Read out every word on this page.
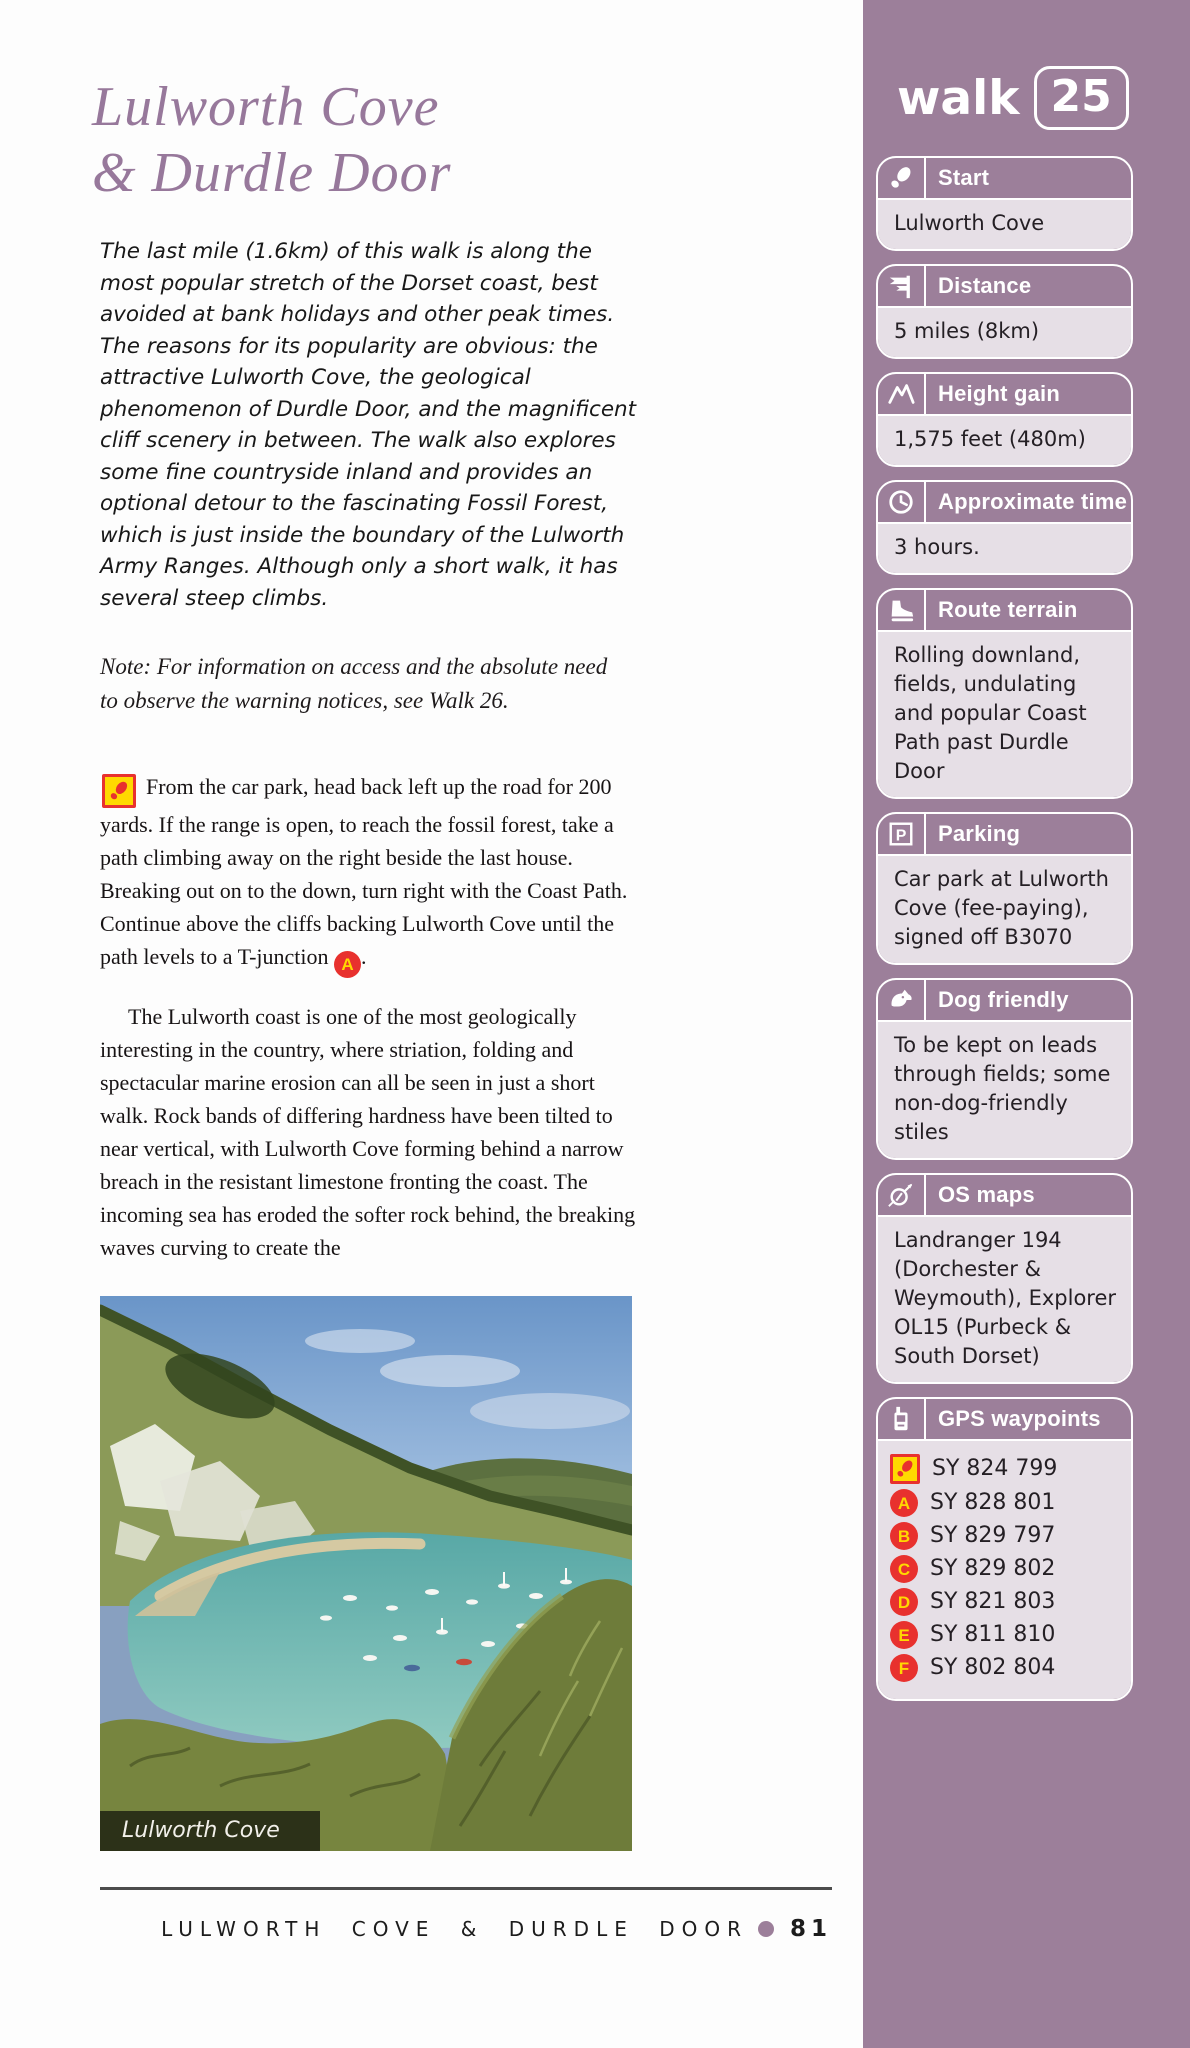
Lulworth Cove
& Durdle Door

The last mile (1.6km) of this walk is along the most popular stretch of the Dorset coast, best avoided at bank holidays and other peak times. The reasons for its popularity are obvious: the attractive Lulworth Cove, the geological phenomenon of Durdle Door, and the magnificent cliff scenery in between. The walk also explores some fine countryside inland and provides an optional detour to the fascinating Fossil Forest, which is just inside the boundary of the Lulworth Army Ranges. Although only a short walk, it has several steep climbs.

Note: For information on access and the absolute need to observe the warning notices, see Walk 26.

From the car park, head back left up the road for 200 yards. If the range is open, to reach the fossil forest, take a path climbing away on the right beside the last house. Breaking out on to the down, turn right with the Coast Path. Continue above the cliffs backing Lulworth Cove until the path levels to a T-junction A .

The Lulworth coast is one of the most geologically interesting in the country, where striation, folding and spectacular marine erosion can all be seen in just a short walk. Rock bands of differing hardness have been tilted to near vertical, with Lulworth Cove forming behind a narrow breach in the resistant limestone fronting the coast. The incoming sea has eroded the softer rock behind, the breaking waves curving to create the

Lulworth Cove
LULWORTH COVE & DURDLE DOOR 81
walk 25
Start
Lulworth Cove
Distance
5 miles (8km)
Height gain
1,575 feet (480m)
Approximate time
3 hours.
Route terrain
Rolling downland, fields, undulating and popular Coast Path past Durdle Door
P	Parking
Car park at Lulworth Cove (fee-paying), signed off B3070
Dog friendly
To be kept on leads through fields; some non-dog-friendly stiles
OS maps
Landranger 194 (Dorchester & Weymouth), Explorer OL15 (Purbeck & South Dorset)
GPS waypoints
SY 824 799
A SY 828 801
B SY 829 797
C SY 829 802
D SY 821 803
E SY 811 810
F SY 802 804
